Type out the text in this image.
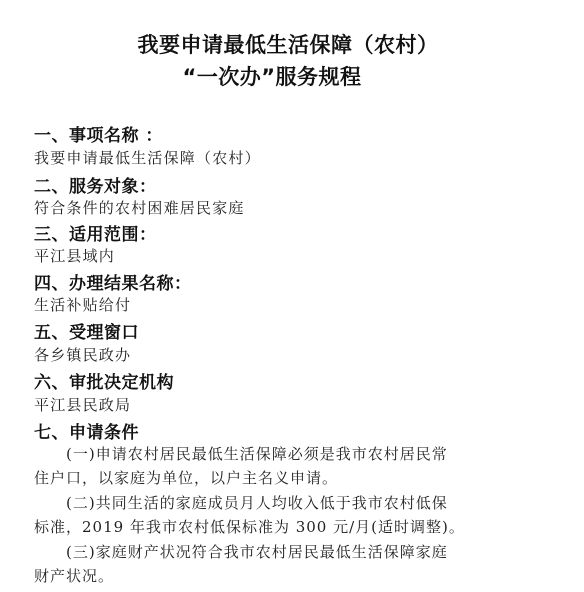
我要申请最低生活保障（农村）
“一次办”服务规程
一、事项名称 ：
我要申请最低生活保障（农村）
二、服务对象：
符合条件的农村困难居民家庭
三、适用范围：
平江县域内
四、办理结果名称：
生活补贴给付
五、受理窗口
各乡镇民政办
六、审批决定机构
平江县民政局
七、申请条件
(一)申请农村居民最低生活保障必须是我市农村居民常
住户口，以家庭为单位，以户主名义申请。
(二)共同生活的家庭成员月人均收入低于我市农村低保
标准，2019 年我市农村低保标准为 300 元/月(适时调整)。
(三)家庭财产状况符合我市农村居民最低生活保障家庭
财产状况。
